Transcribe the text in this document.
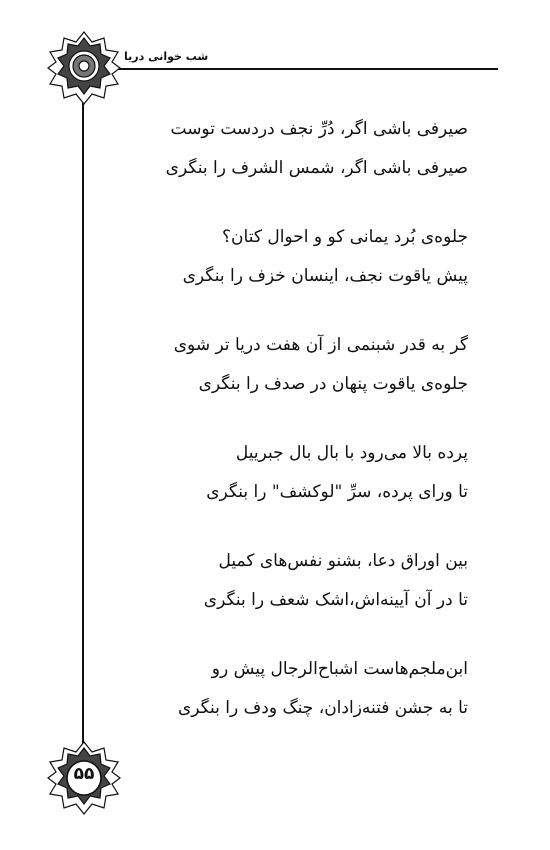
شب خوانی دریا
۵۵

صیرفی باشی اگر، دُرِّ نجف دردست توست

صیرفی باشی اگر، شمس الشرف را بنگری

جلوه‌ی بُرد یمانی کو و احوال کتان؟

پیش یاقوت نجف، اینسان خزف را بنگری

گر به قدر شبنمی از آن هفت دریا تر شوی

جلوه‌ی یاقوت پنهان در صدف را بنگری

پرده بالا می‌رود با بال بال جبرییل

تا ورای پرده، سرِّ "لوکشف" را بنگری

بین اوراق دعا، بشنو نفس‌های کمیل

تا در آن آیینه‌اش،اشک شعف را بنگری

ابن‌ملجم‌هاست اشباح‌الرجال پیش رو

تا به جشن فتنه‌زادان، چنگ ودف را بنگری
